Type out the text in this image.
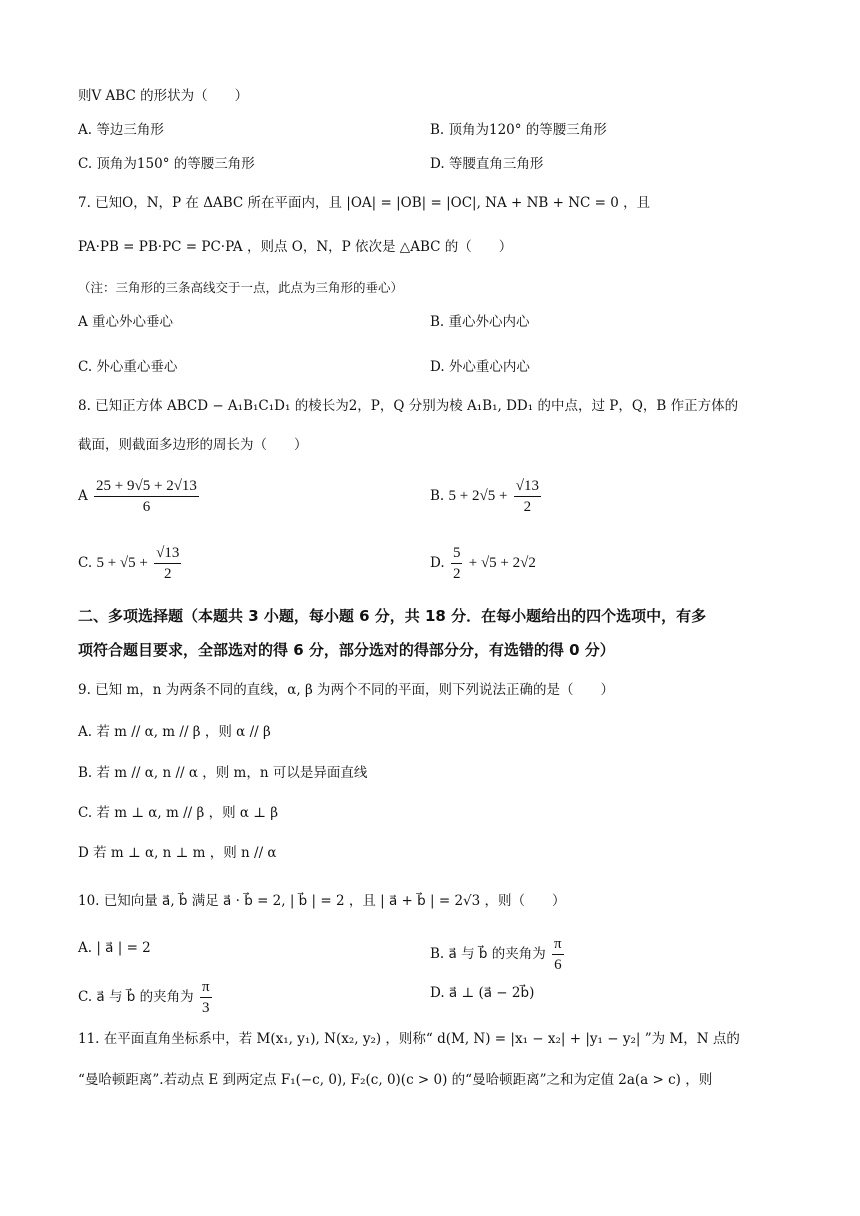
则V ABC 的形状为（　　）
A. 等边三角形	B. 顶角为120° 的等腰三角形
C. 顶角为150° 的等腰三角形	D. 等腰直角三角形
7. 已知O，N，P 在 ΔABC 所在平面内，且 |OA| = |OB| = |OC|, NA + NB + NC = 0 ，且
PA·PB = PB·PC = PC·PA ，则点 O，N，P 依次是 △ABC 的（　　）
（注：三角形的三条高线交于一点，此点为三角形的垂心）
A 重心外心垂心	B. 重心外心内心
C. 外心重心垂心	D. 外心重心内心
8. 已知正方体 ABCD − A₁B₁C₁D₁ 的棱长为2，P，Q 分别为棱 A₁B₁, DD₁ 的中点，过 P，Q，B 作正方体的
截面，则截面多边形的周长为（　　）
A $\frac{25 + 9√5 + 2√13}{6}$	B. $5 + 2√5 + \frac{√13}{2}$
C. $5 + √5 + \frac{√13}{2}$	D. $\frac{5}{2} + √5 + 2√2$
二、多项选择题（本题共 3 小题，每小题 6 分，共 18 分．在每小题给出的四个选项中，有多
项符合题目要求，全部选对的得 6 分，部分选对的得部分分，有选错的得 0 分）
9. 已知 m，n 为两条不同的直线，α, β 为两个不同的平面，则下列说法正确的是（　　）
A. 若 m // α, m // β ，则 α // β
B. 若 m // α, n // α ，则 m，n 可以是异面直线
C. 若 m ⊥ α, m // β ，则 α ⊥ β
D 若 m ⊥ α, n ⊥ m ，则 n // α
10. 已知向量 a⃗, b⃗ 满足 a⃗ · b⃗ = 2, | b⃗ | = 2 ，且 | a⃗ + b⃗ | = 2√3 ，则（　　）
A. | a⃗ | = 2	B. a⃗ 与 b⃗ 的夹角为 $\frac{\pi}{6}$
C. a⃗ 与 b⃗ 的夹角为 $\frac{\pi}{3}$	D. a⃗ ⊥ (a⃗ − 2b⃗)
11. 在平面直角坐标系中，若 M(x₁, y₁), N(x₂, y₂) ，则称“ d(M, N) = |x₁ − x₂| + |y₁ − y₂| ”为 M，N 点的
“曼哈顿距离”.若动点 E 到两定点 F₁(−c, 0), F₂(c, 0)(c > 0) 的“曼哈顿距离”之和为定值 2a(a > c) ，则
